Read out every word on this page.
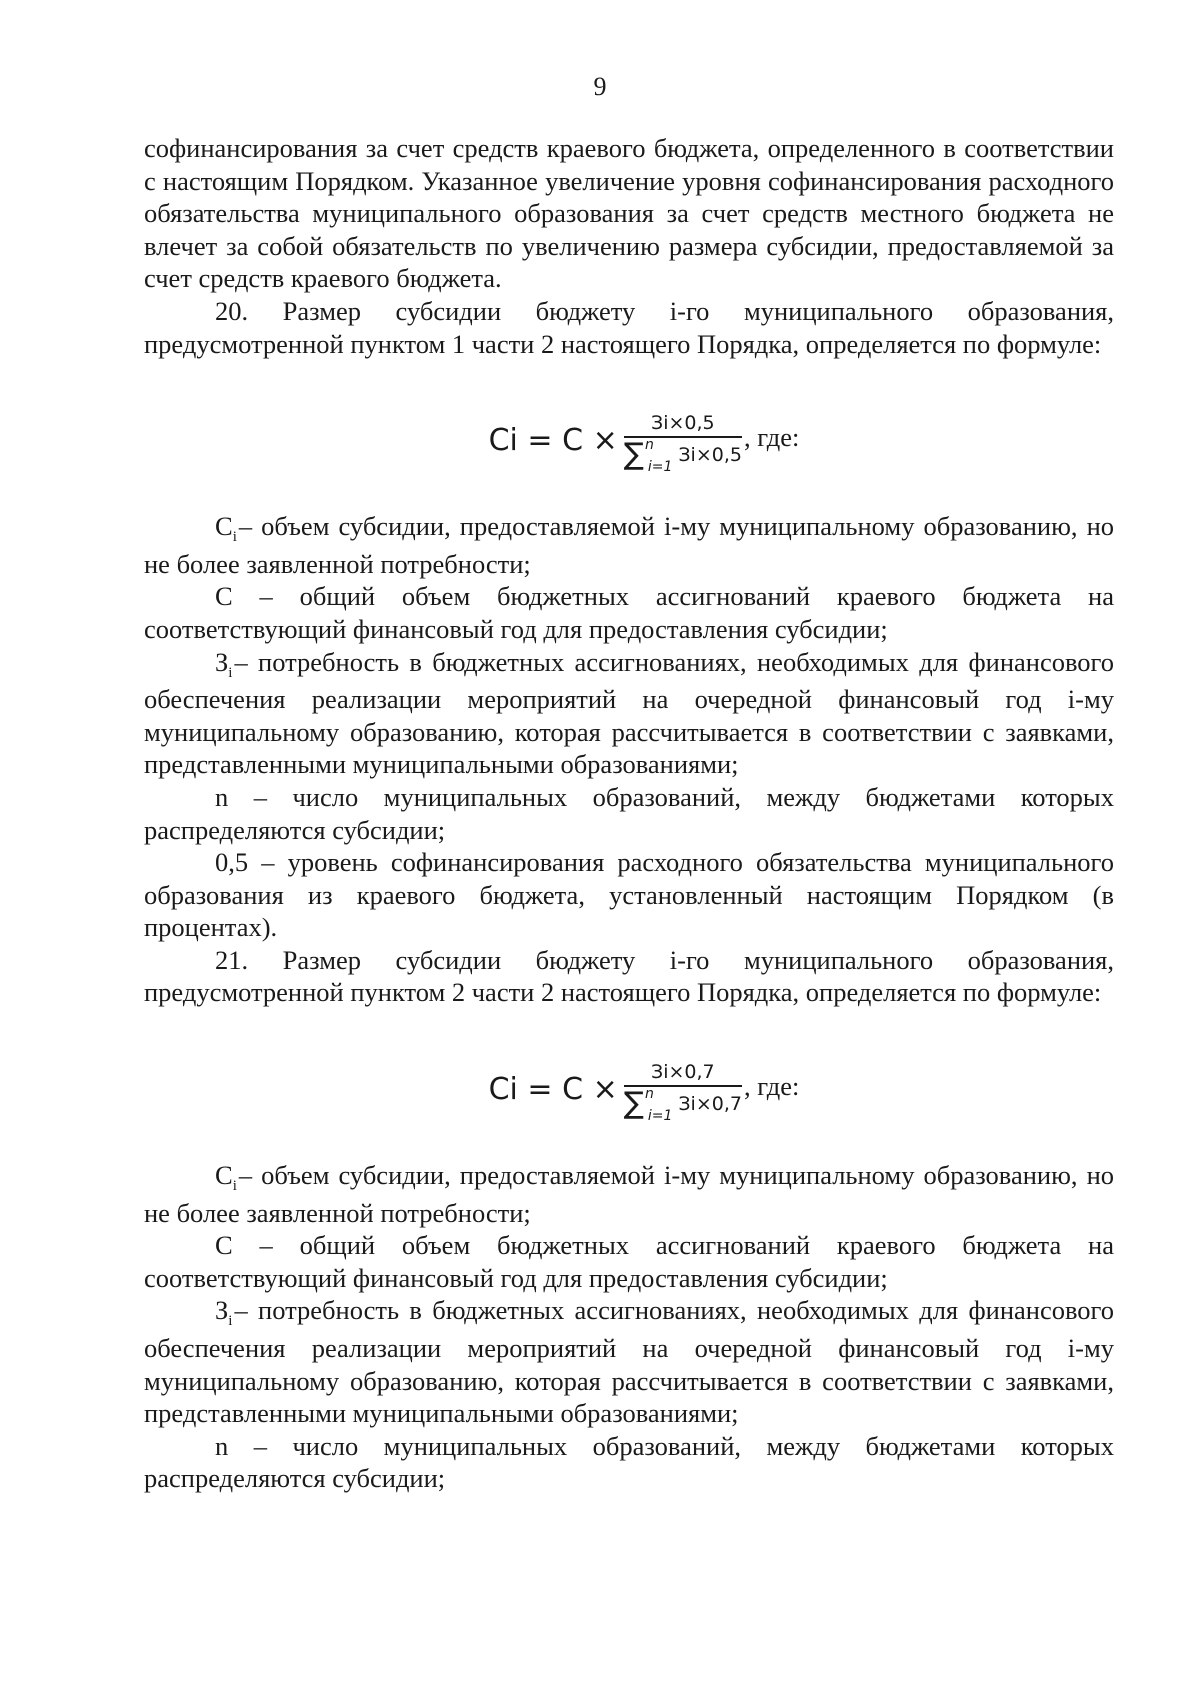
9

софинансирования за счет средств краевого бюджета, определенного в соответствии с настоящим Порядком. Указанное увеличение уровня софинансирования расходного обязательства муниципального образования за счет средств местного бюджета не влечет за собой обязательств по увеличению размера субсидии, предоставляемой за счет средств краевого бюджета.

20. Размер субсидии бюджету i-го муниципального образования, предусмотренной пунктом 1 части 2 настоящего Порядка, определяется по формуле:

Ci = C × Зi×0,5
∑ n
i=1
Зi×0,5 , где:

$С_i-$ объем субсидии, предоставляемой i-му муниципальному образованию, но не более заявленной потребности;

С – общий объем бюджетных ассигнований краевого бюджета на соответствующий финансовый год для предоставления субсидии;

$З_i-$ потребность в бюджетных ассигнованиях, необходимых для финансового обеспечения реализации мероприятий на очередной финансовый год i-му муниципальному образованию, которая рассчитывается в соответствии с заявками, представленными муниципальными образованиями;

n – число муниципальных образований, между бюджетами которых распределяются субсидии;

0,5 – уровень софинансирования расходного обязательства муниципального образования из краевого бюджета, установленный настоящим Порядком (в процентах).

21. Размер субсидии бюджету i-го муниципального образования, предусмотренной пунктом 2 части 2 настоящего Порядка, определяется по формуле:

Ci = C × Зi×0,7
∑ n
i=1
Зi×0,7 , где:

$С_i-$ объем субсидии, предоставляемой i-му муниципальному образованию, но не более заявленной потребности;

С – общий объем бюджетных ассигнований краевого бюджета на соответствующий финансовый год для предоставления субсидии;

$З_i-$ потребность в бюджетных ассигнованиях, необходимых для финансового обеспечения реализации мероприятий на очередной финансовый год i-му муниципальному образованию, которая рассчитывается в соответствии с заявками, представленными муниципальными образованиями;

n – число муниципальных образований, между бюджетами которых распределяются субсидии;
